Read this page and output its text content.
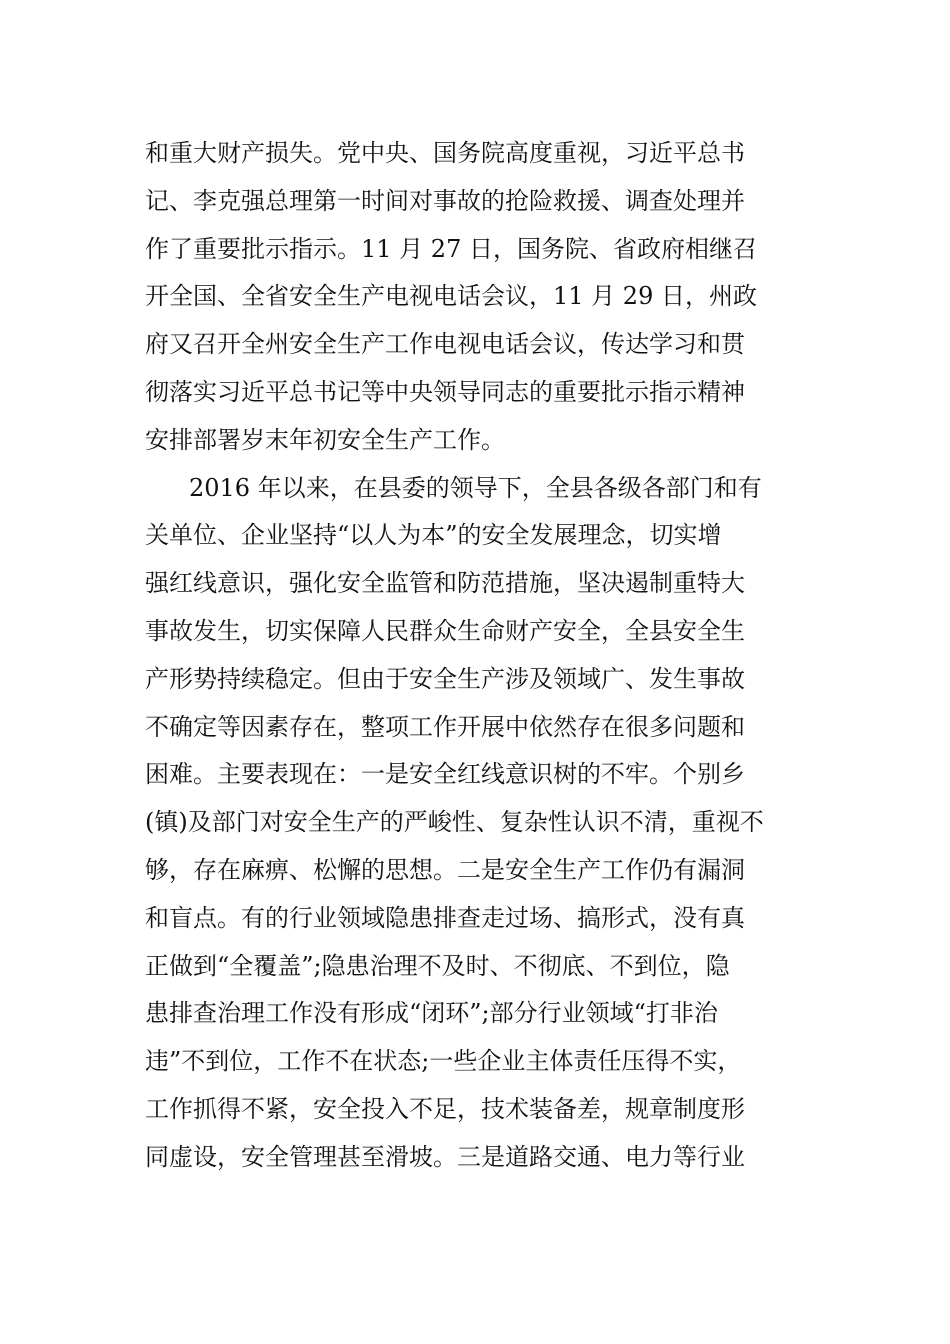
和重大财产损失。党中央、国务院高度重视，习近平总书
记、李克强总理第一时间对事故的抢险救援、调查处理并
作了重要批示指示。11 月 27 日，国务院、省政府相继召
开全国、全省安全生产电视电话会议，11 月 29 日，州政
府又召开全州安全生产工作电视电话会议，传达学习和贯
彻落实习近平总书记等中央领导同志的重要批示指示精神
安排部署岁末年初安全生产工作。
2016 年以来，在县委的领导下，全县各级各部门和有
关单位、企业坚持“以人为本”的安全发展理念，切实增
强红线意识，强化安全监管和防范措施，坚决遏制重特大
事故发生，切实保障人民群众生命财产安全，全县安全生
产形势持续稳定。但由于安全生产涉及领域广、发生事故
不确定等因素存在，整项工作开展中依然存在很多问题和
困难。主要表现在：一是安全红线意识树的不牢。个别乡
(镇)及部门对安全生产的严峻性、复杂性认识不清，重视不
够，存在麻痹、松懈的思想。二是安全生产工作仍有漏洞
和盲点。有的行业领域隐患排查走过场、搞形式，没有真
正做到“全覆盖”;隐患治理不及时、不彻底、不到位，隐
患排查治理工作没有形成“闭环”;部分行业领域“打非治
违”不到位，工作不在状态;一些企业主体责任压得不实，
工作抓得不紧，安全投入不足，技术装备差，规章制度形
同虚设，安全管理甚至滑坡。三是道路交通、电力等行业
